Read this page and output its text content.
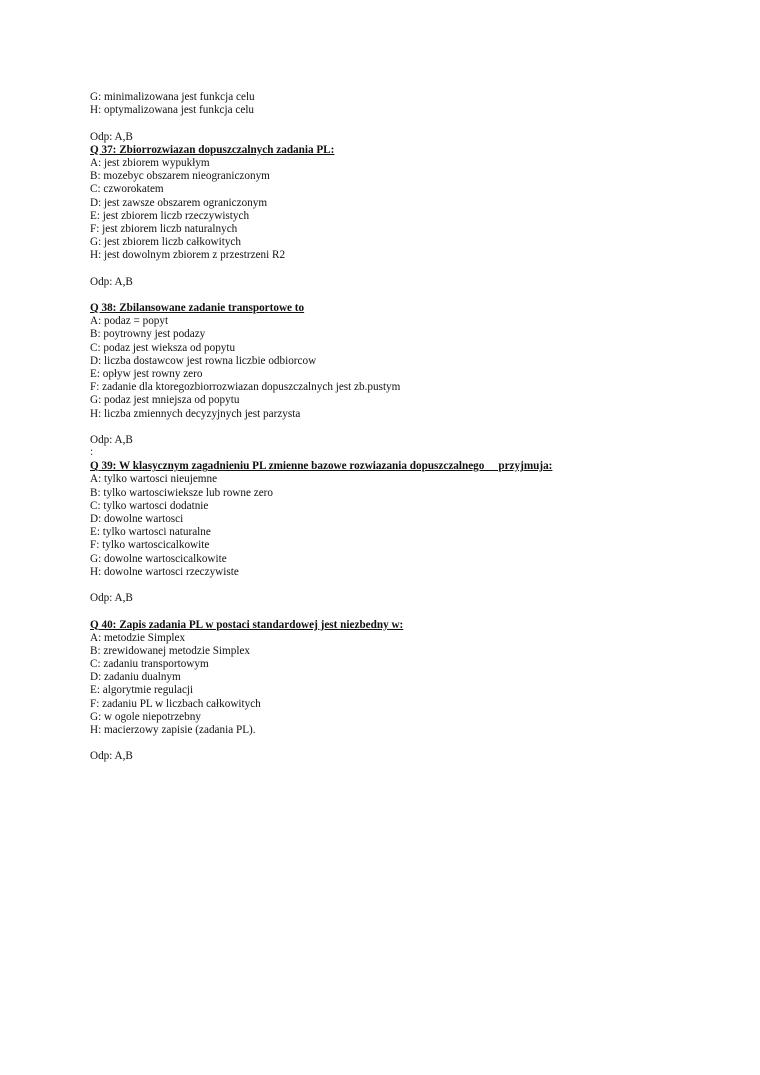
G: minimalizowana jest funkcja celu
H: optymalizowana jest funkcja celu
Odp: A,B
Q 37: Zbiorrozwiazan dopuszczalnych zadania PL:
A: jest zbiorem wypukłym
B: mozebyc obszarem nieograniczonym
C: czworokatem
D: jest zawsze obszarem ograniczonym
E: jest zbiorem liczb rzeczywistych
F: jest zbiorem liczb naturalnych
G: jest zbiorem liczb całkowitych
H: jest dowolnym zbiorem z przestrzeni R2
Odp: A,B
Q 38: Zbilansowane zadanie transportowe to
A: podaz = popyt
B: poytrowny jest podazy
C: podaz jest wieksza od popytu
D: liczba dostawcow jest rowna liczbie odbiorcow
E: opływ jest rowny zero
F: zadanie dla ktoregozbiorrozwiazan dopuszczalnych jest zb.pustym
G: podaz jest mniejsza od popytu
H: liczba zmiennych decyzyjnych jest parzysta
Odp: A,B
:
Q 39: W klasycznym zagadnieniu PL zmienne bazowe rozwiazania dopuszczalnego     przyjmuja:
A: tylko wartosci nieujemne
B: tylko wartosciwieksze lub rowne zero
C: tylko wartosci dodatnie
D: dowolne wartosci
E: tylko wartosci naturalne
F: tylko wartoscicalkowite
G: dowolne wartoscicalkowite
H: dowolne wartosci rzeczywiste
Odp: A,B
Q 40: Zapis zadania PL w postaci standardowej jest niezbedny w:
A: metodzie Simplex
B: zrewidowanej metodzie Simplex
C: zadaniu transportowym
D: zadaniu dualnym
E: algorytmie regulacji
F: zadaniu PL w liczbach całkowitych
G: w ogole niepotrzebny
H: macierzowy zapisie (zadania PL).
Odp: A,B
